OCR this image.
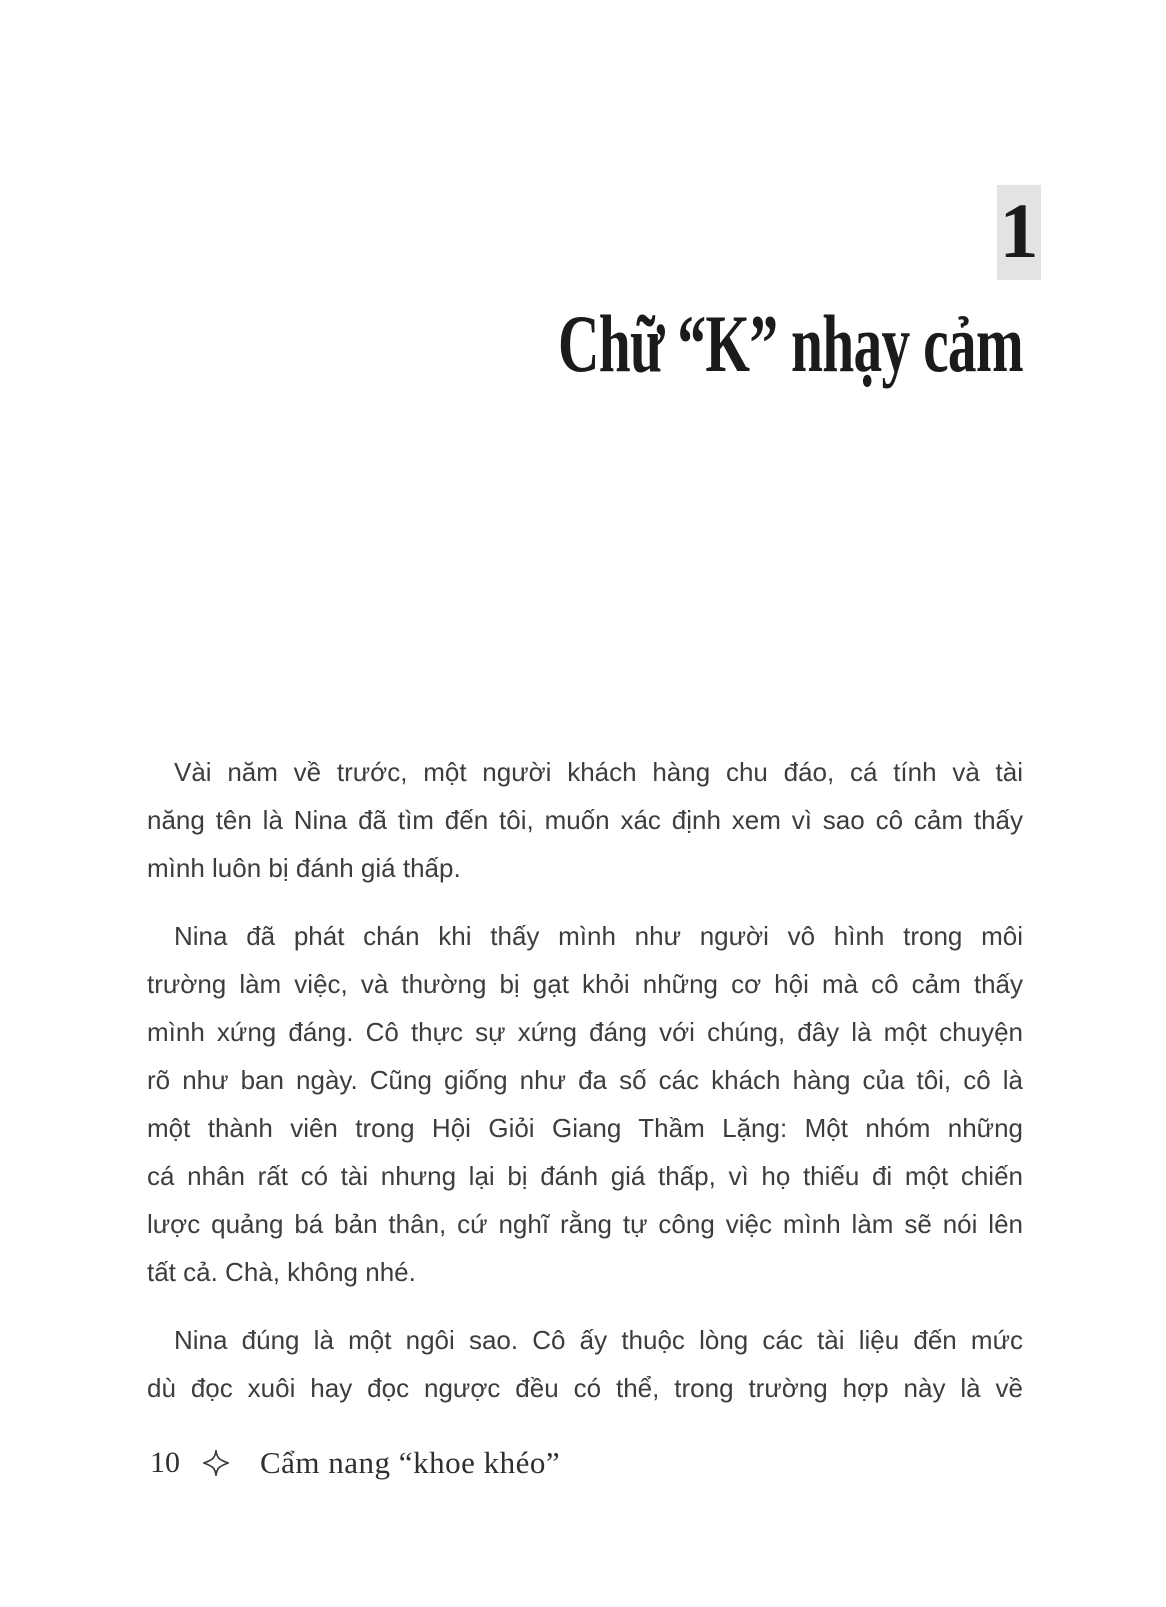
1
Chữ “K” nhạy cảm
Vài năm về trước, một người khách hàng chu đáo, cá tính và tài
năng tên là Nina đã tìm đến tôi, muốn xác định xem vì sao cô cảm thấy
mình luôn bị đánh giá thấp.
Nina đã phát chán khi thấy mình như người vô hình trong môi
trường làm việc, và thường bị gạt khỏi những cơ hội mà cô cảm thấy
mình xứng đáng. Cô thực sự xứng đáng với chúng, đây là một chuyện
rõ như ban ngày. Cũng giống như đa số các khách hàng của tôi, cô là
một thành viên trong Hội Giỏi Giang Thầm Lặng: Một nhóm những
cá nhân rất có tài nhưng lại bị đánh giá thấp, vì họ thiếu đi một chiến
lược quảng bá bản thân, cứ nghĩ rằng tự công việc mình làm sẽ nói lên
tất cả. Chà, không nhé.
Nina đúng là một ngôi sao. Cô ấy thuộc lòng các tài liệu đến mức
dù đọc xuôi hay đọc ngược đều có thể, trong trường hợp này là về
10	Cẩm nang “khoe khéo”
